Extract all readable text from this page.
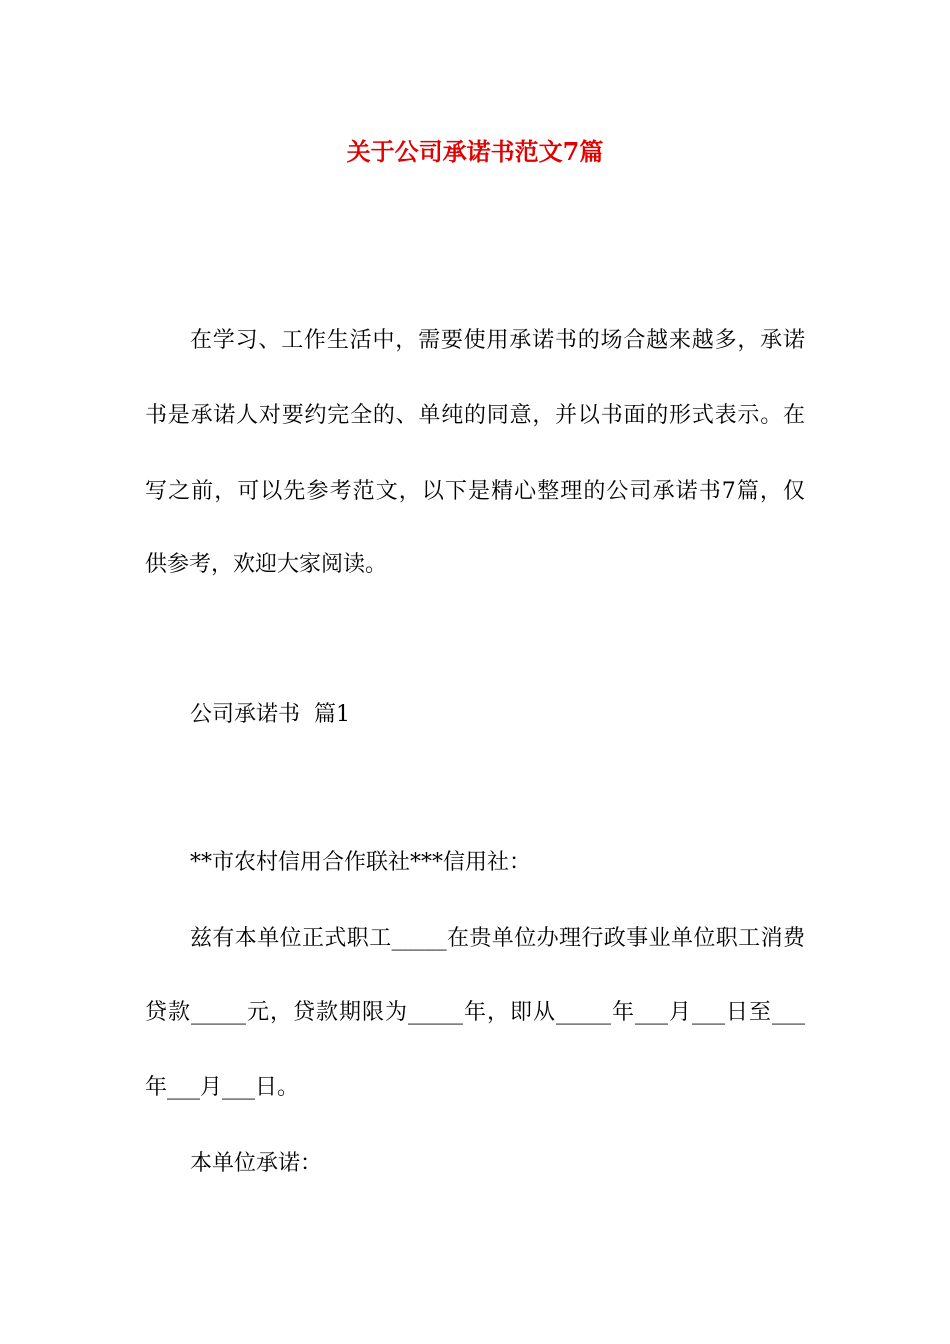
关于公司承诺书范文7篇
在学习、工作生活中，需要使用承诺书的场合越来越多，承诺
书是承诺人对要约完全的、单纯的同意，并以书面的形式表示。在
写之前，可以先参考范文，以下是精心整理的公司承诺书7篇，仅
供参考，欢迎大家阅读。
公司承诺书  篇1
**市农村信用合作联社***信用社：
兹有本单位正式职工_____在贵单位办理行政事业单位职工消费
贷款_____元，贷款期限为_____年，即从_____年___月___日至___
年___月___日。
本单位承诺：
